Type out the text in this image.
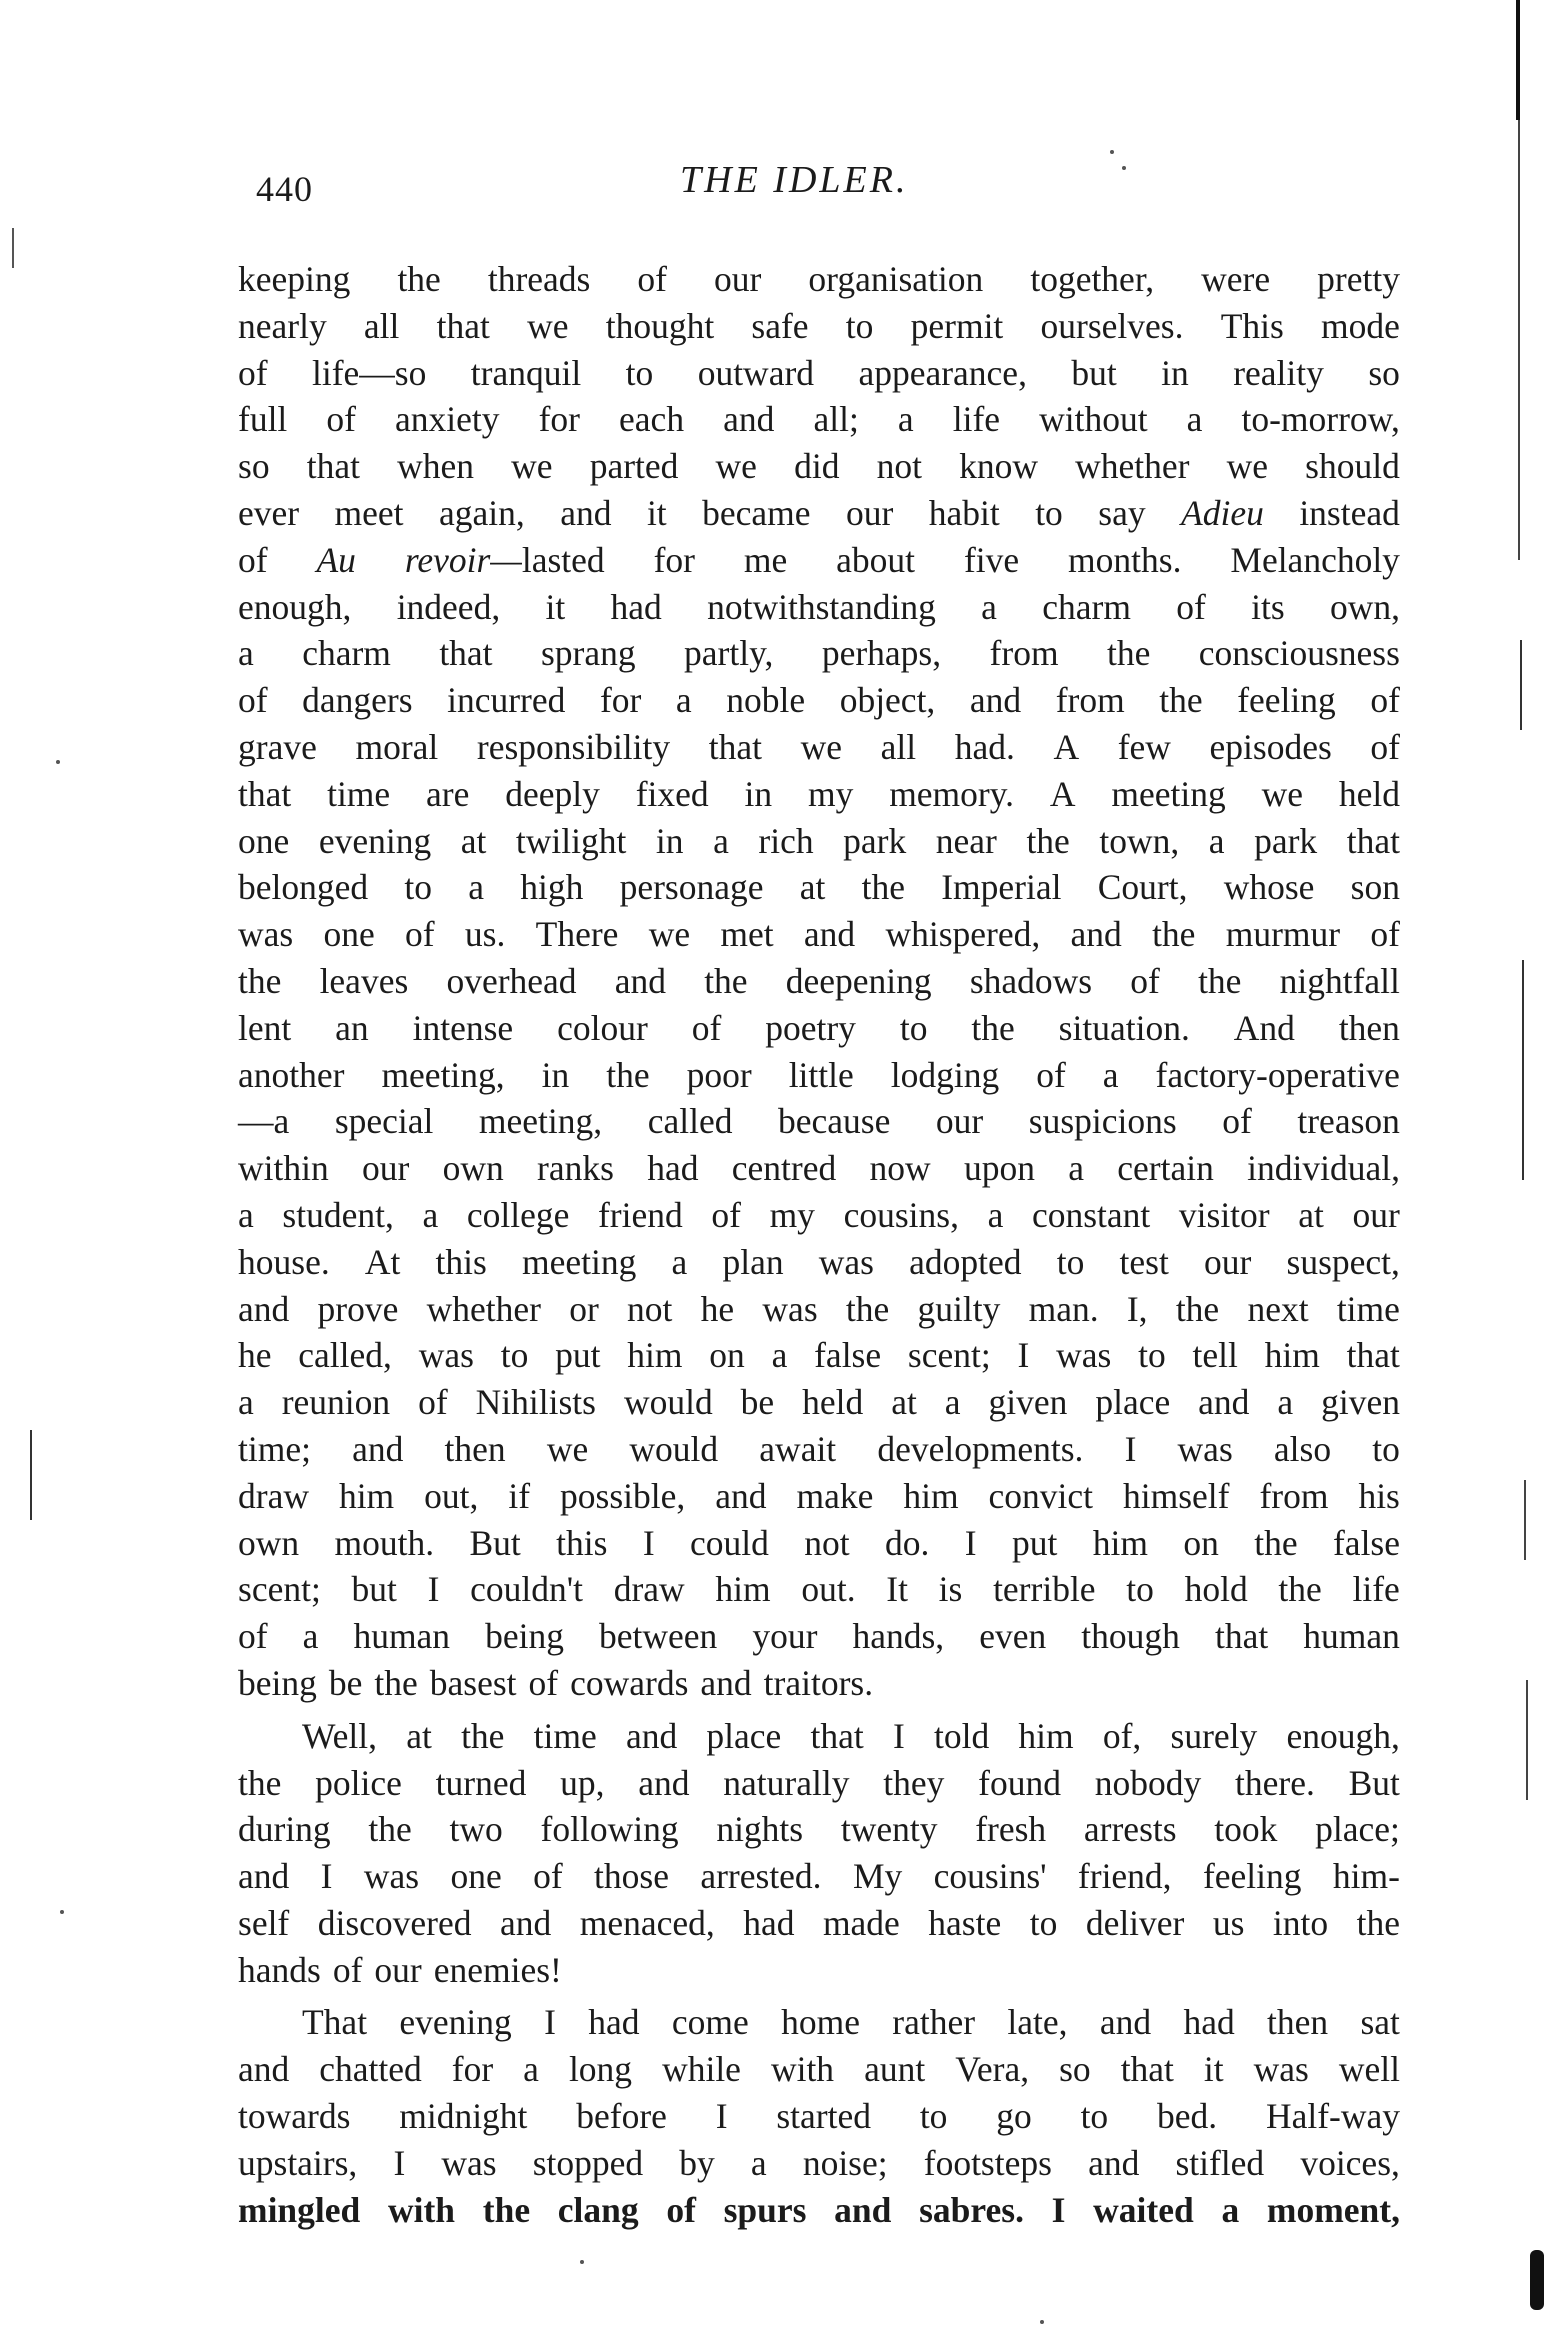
440	THE IDLER.
keeping the threads of our organisation together, were pretty
nearly all that we thought safe to permit ourselves. This mode
of life—so tranquil to outward appearance, but in reality so
full of anxiety for each and all; a life without a to-morrow,
so that when we parted we did not know whether we should
ever meet again, and it became our habit to say Adieu instead
of Au revoir—lasted for me about five months. Melancholy
enough, indeed, it had notwithstanding a charm of its own,
a charm that sprang partly, perhaps, from the consciousness
of dangers incurred for a noble object, and from the feeling of
grave moral responsibility that we all had. A few episodes of
that time are deeply fixed in my memory. A meeting we held
one evening at twilight in a rich park near the town, a park that
belonged to a high personage at the Imperial Court, whose son
was one of us. There we met and whispered, and the murmur of
the leaves overhead and the deepening shadows of the nightfall
lent an intense colour of poetry to the situation. And then
another meeting, in the poor little lodging of a factory-operative
—a special meeting, called because our suspicions of treason
within our own ranks had centred now upon a certain individual,
a student, a college friend of my cousins, a constant visitor at our
house. At this meeting a plan was adopted to test our suspect,
and prove whether or not he was the guilty man. I, the next time
he called, was to put him on a false scent; I was to tell him that
a reunion of Nihilists would be held at a given place and a given
time; and then we would await developments. I was also to
draw him out, if possible, and make him convict himself from his
own mouth. But this I could not do. I put him on the false
scent; but I couldn't draw him out. It is terrible to hold the life
of a human being between your hands, even though that human
being be the basest of cowards and traitors.
Well, at the time and place that I told him of, surely enough,
the police turned up, and naturally they found nobody there. But
during the two following nights twenty fresh arrests took place;
and I was one of those arrested. My cousins' friend, feeling him-
self discovered and menaced, had made haste to deliver us into the
hands of our enemies!
That evening I had come home rather late, and had then sat
and chatted for a long while with aunt Vera, so that it was well
towards midnight before I started to go to bed. Half-way
upstairs, I was stopped by a noise; footsteps and stifled voices,
mingled with the clang of spurs and sabres. I waited a moment,
